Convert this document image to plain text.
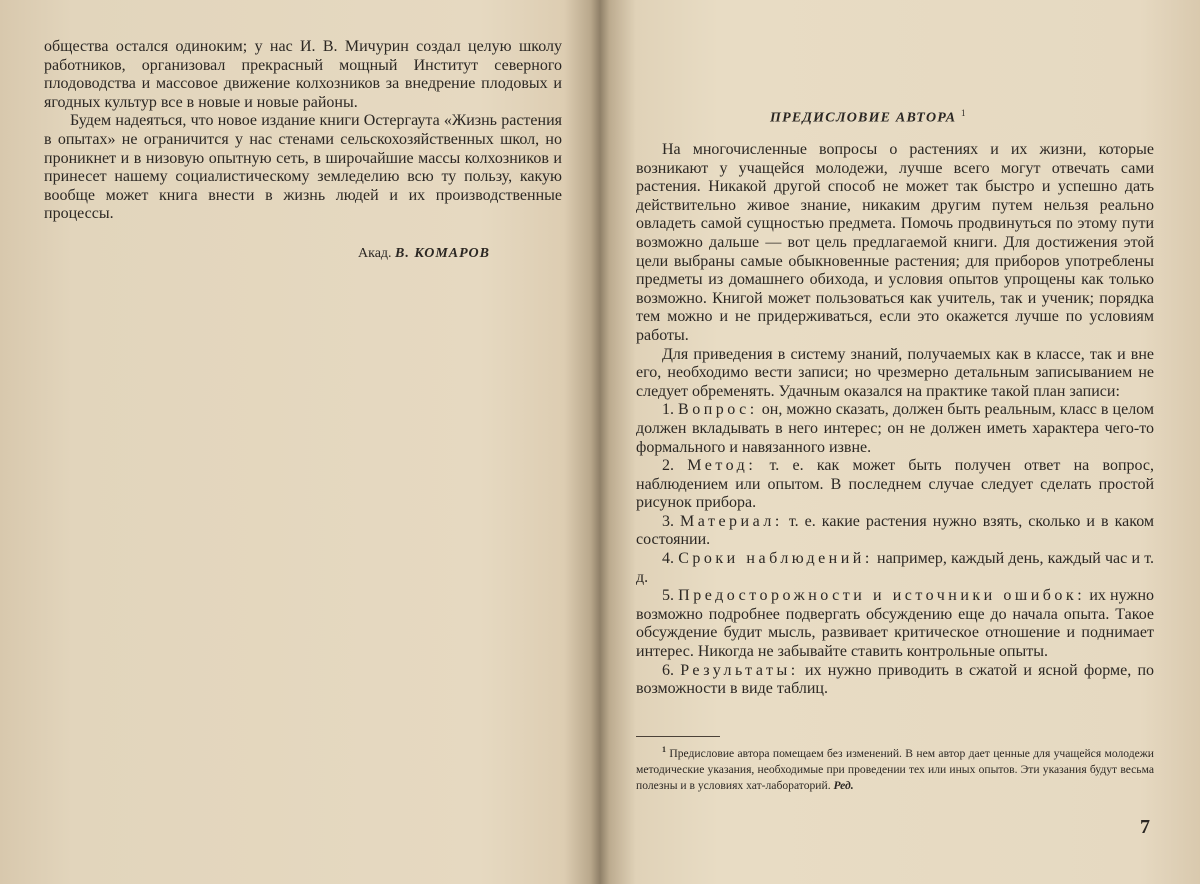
общества остался одиноким; у нас И. В. Мичурин создал целую школу работников, организовал прекрасный мощный Институт северного плодоводства и массовое движение колхозников за внедрение плодовых и ягодных культур все в новые и новые районы.

Будем надеяться, что новое издание книги Остергаута «Жизнь растения в опытах» не ограничится у нас стенами сельскохозяйственных школ, но проникнет и в низовую опытную сеть, в широчайшие массы колхозников и принесет нашему социалистическому земледелию всю ту пользу, какую вообще может книга внести в жизнь людей и их производственные процессы.

Акад. В. КОМАРОВ
ПРЕДИСЛОВИЕ АВТОРА 1

На многочисленные вопросы о растениях и их жизни, которые возникают у учащейся молодежи, лучше всего могут отвечать сами растения. Никакой другой способ не может так быстро и успешно дать действительно живое знание, никаким другим путем нельзя реально овладеть самой сущностью предмета. Помочь продвинуться по этому пути возможно дальше — вот цель предлагаемой книги. Для достижения этой цели выбраны самые обыкновенные растения; для приборов употреблены предметы из домашнего обихода, и условия опытов упрощены как только возможно. Книгой может пользоваться как учитель, так и ученик; порядка тем можно и не придерживаться, если это окажется лучше по условиям работы.

Для приведения в систему знаний, получаемых как в классе, так и вне его, необходимо вести записи; но чрезмерно детальным записыванием не следует обременять. Удачным оказался на практике такой план записи:

1. Вопрос: он, можно сказать, должен быть реальным, класс в целом должен вкладывать в него интерес; он не должен иметь характера чего-то формального и навязанного извне.

2. Метод: т. е. как может быть получен ответ на вопрос, наблюдением или опытом. В последнем случае следует сделать простой рисунок прибора.

3. Материал: т. е. какие растения нужно взять, сколько и в каком состоянии.

4. Сроки наблюдений: например, каждый день, каждый час и т. д.

5. Предосторожности и источники ошибок: их нужно возможно подробнее подвергать обсуждению еще до начала опыта. Такое обсуждение будит мысль, развивает критическое отношение и поднимает интерес. Никогда не забывайте ставить контрольные опыты.

6. Результаты: их нужно приводить в сжатой и ясной форме, по возможности в виде таблиц.

1 Предисловие автора помещаем без изменений. В нем автор дает ценные для учащейся молодежи методические указания, необходимые при проведении тех или иных опытов. Эти указания будут весьма полезны и в условиях хат-лабораторий. Ред.

7
